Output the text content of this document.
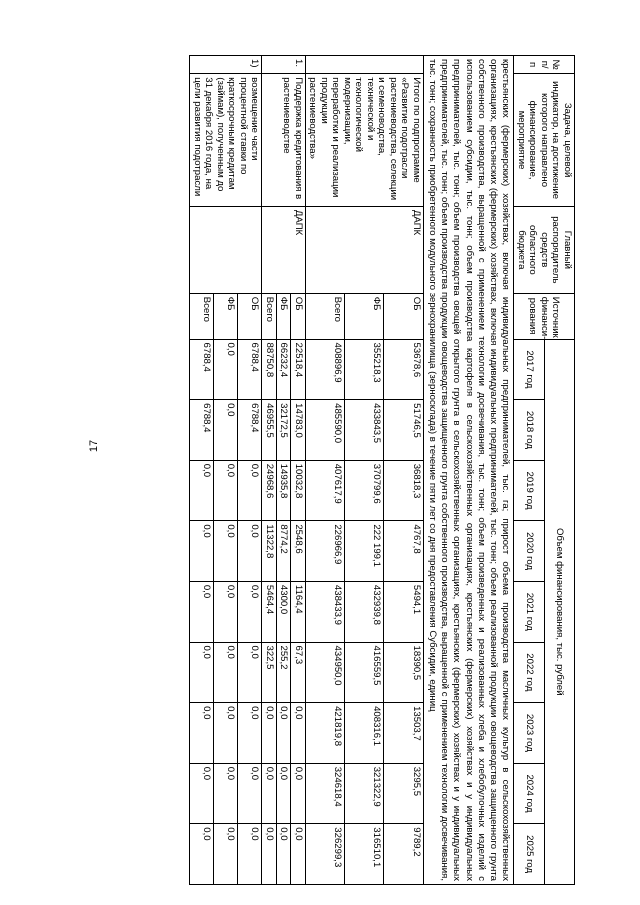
17
№ п/п	Задача, целевой индикатор, на достижение которого направлено финансирование, мероприятие	Главный распорядитель средств областного бюджета	Источник финанси-рования	Объем финансирования, тыс. рублей								
				2017 год	2018 год	2019 год	2020 год	2021 год	2022 год	2023 год	2024 год	2025 год
крестьянских (фермерских) хозяйствах, включая индивидуальных предпринимателей, тыс. га; прирост объема производства масличных культур в сельскохозяйственных организациях, крестьянских (фермерских) хозяйствах, включая индивидуальных предпринимателей, тыс. тонн; объем реализованной продукции овощеводства защищенного грунта собственного производства, выращенной с применением технологии досвечивания, тыс. тонн; объем произведенных и реализованных хлеба и хлебобулочных изделий с использованием субсидии, тыс. тонн; объем производства картофеля в сельскохозяйственных организациях, крестьянских (фермерских) хозяйствах и у индивидуальных предпринимателей, тыс. тонн; объем производства овощей открытого грунта в сельскохозяйственных организациях, крестьянских (фермерских) хозяйствах и у индивидуальных предпринимателей, тыс. тонн; объем производства продукции овощеводства защищенного грунта собственного производства, выращенной с применением технологии досвечивания, тыс. тонн; сохранность приобретенного модульного зернохранилища (зерносклада) в течение пяти лет со дня предоставления Субсидии, единиц												
	Итого по подпрограмме «Развитие подотрасли растениеводства, селекции и семеноводства, технической и технологической модернизации, переработки и реализации продукции растениеводства»	ДАПК	ОБ	53678,6	51746,5	36818,3	4767,8	5494,1	18390,5	13503,7	3295,5	9789,2
			ФБ	355218,3	433843,5	370799,6	222 199,1	432939,8	416559,5	408316,1	321322,9	316510,1
			Всего	408896,9	485590,0	407617,9	226966,9	438433,9	434950,0	421819,8	324618,4	326299,3
1.	Поддержка кредитования в растениеводстве	ДАПК	ОБ	22518,4	14783,0	10032,8	2548,6	1164,4	67,3	0,0	0,0	0,0
			ФБ	66232,4	32172,5	14935,8	8774,2	4300,0	255,2	0,0	0,0	0,0
			Всего	88750,8	46955,5	24968,6	11322,8	5464,4	322,5	0,0	0,0	0,0
1)	возмещение части процентной ставки по краткосрочным кредитам (займам), полученным до 31 декабря 2016 года, на цели развития подотрасли		ОБ	6788,4	6788,4	0,0	0,0	0,0	0,0	0,0	0,0	0,0
			ФБ	0,0	0,0	0,0	0,0	0,0	0,0	0,0	0,0	0,0
			Всего	6788,4	6788,4	0,0	0,0	0,0	0,0	0,0	0,0	0,0
